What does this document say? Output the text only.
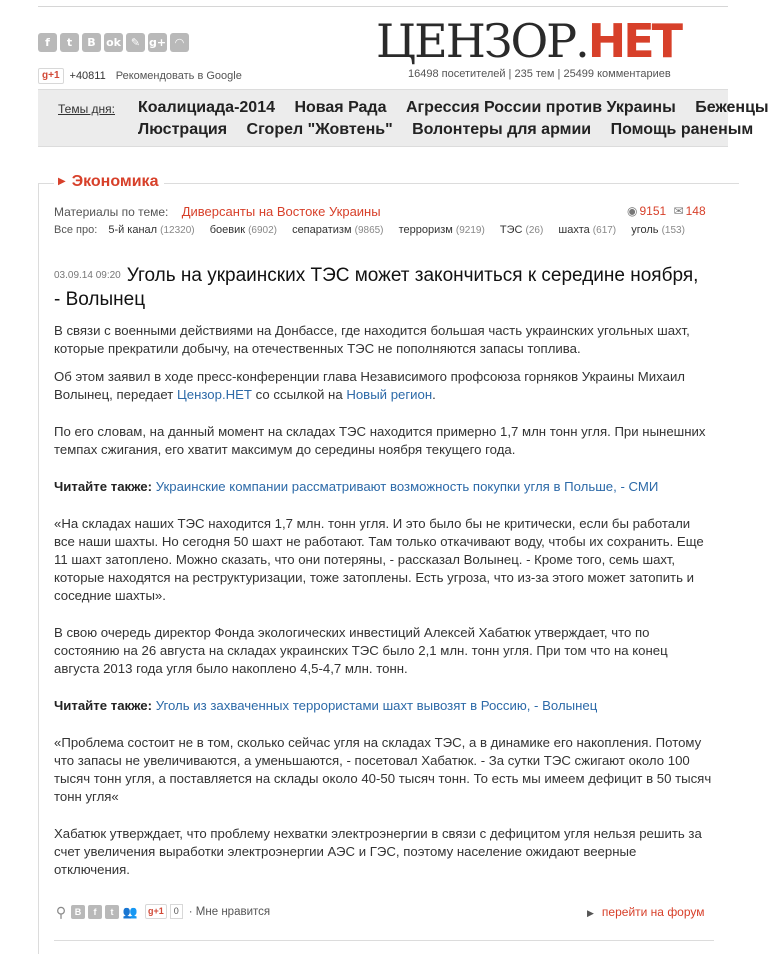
f	t	B ok ✎ g+ ◠
g+1 +40811 Рекомендовать в Google
ЦЕНЗОР.НЕТ
16498 посетителей | 235 тем | 25499 комментариев
Темы дня: Коалициада-2014 Новая Рада Агрессия России против Украины Беженцы
Люстрация Сгорел "Жовтень" Волонтеры для армии Помощь раненым
▶ Экономика
Материалы по теме: Диверсанты на Востоке Украины	◉ 9151 ✉ 148
Все про: 5-й канал (12320) боевик (6902) сепаратизм (9865) терроризм (9219) ТЭС (26) шахта (617) уголь (153)
03.09.14 09:20 Уголь на украинских ТЭС может закончиться к середине ноября, - Волынец

В связи с военными действиями на Донбассе, где находится большая часть украинских угольных шахт, которые прекратили добычу, на отечественных ТЭС не пополняются запасы топлива.

Об этом заявил в ходе пресс-конференции глава Независимого профсоюза горняков Украины Михаил Волынец, передает Цензор.НЕТ со ссылкой на Новый регион.

По его словам, на данный момент на складах ТЭС находится примерно 1,7 млн тонн угля. При нынешних темпах сжигания, его хватит максимум до середины ноября текущего года.

Читайте также: Украинские компании рассматривают возможность покупки угля в Польше, - СМИ

«На складах наших ТЭС находится 1,7 млн. тонн угля. И это было бы не критически, если бы работали все наши шахты. Но сегодня 50 шахт не работают. Там только откачивают воду, чтобы их сохранить. Еще 11 шахт затоплено. Можно сказать, что они потеряны, - рассказал Волынец. - Кроме того, семь шахт, которые находятся на реструктуризации, тоже затоплены. Есть угроза, что из-за этого может затопить и соседние шахты».

В свою очередь директор Фонда экологических инвестиций Алексей Хабатюк утверждает, что по состоянию на 26 августа на складах украинских ТЭС было 2,1 млн. тонн угля. При том что на конец августа 2013 года угля было накоплено 4,5-4,7 млн. тонн.

Читайте также: Уголь из захваченных террористами шахт вывозят в Россию, - Волынец

«Проблема состоит не в том, сколько сейчас угля на складах ТЭС, а в динамике его накопления. Потому что запасы не увеличиваются, а уменьшаются, - посетовал Хабатюк. - За сутки ТЭС сжигают около 100 тысяч тонн угля, а поставляется на склады около 40-50 тысяч тонн. То есть мы имеем дефицит в 50 тысяч тонн угля«

Хабатюк утверждает, что проблему нехватки электроэнергии в связи с дефицитом угля нельзя решить за счет увеличения выработки электроэнергии АЭС и ГЭС, поэтому население ожидают веерные отключения.

⚲ B	f	t 👥	g+1	0 · Мне нравится	▶ перейти на форум
